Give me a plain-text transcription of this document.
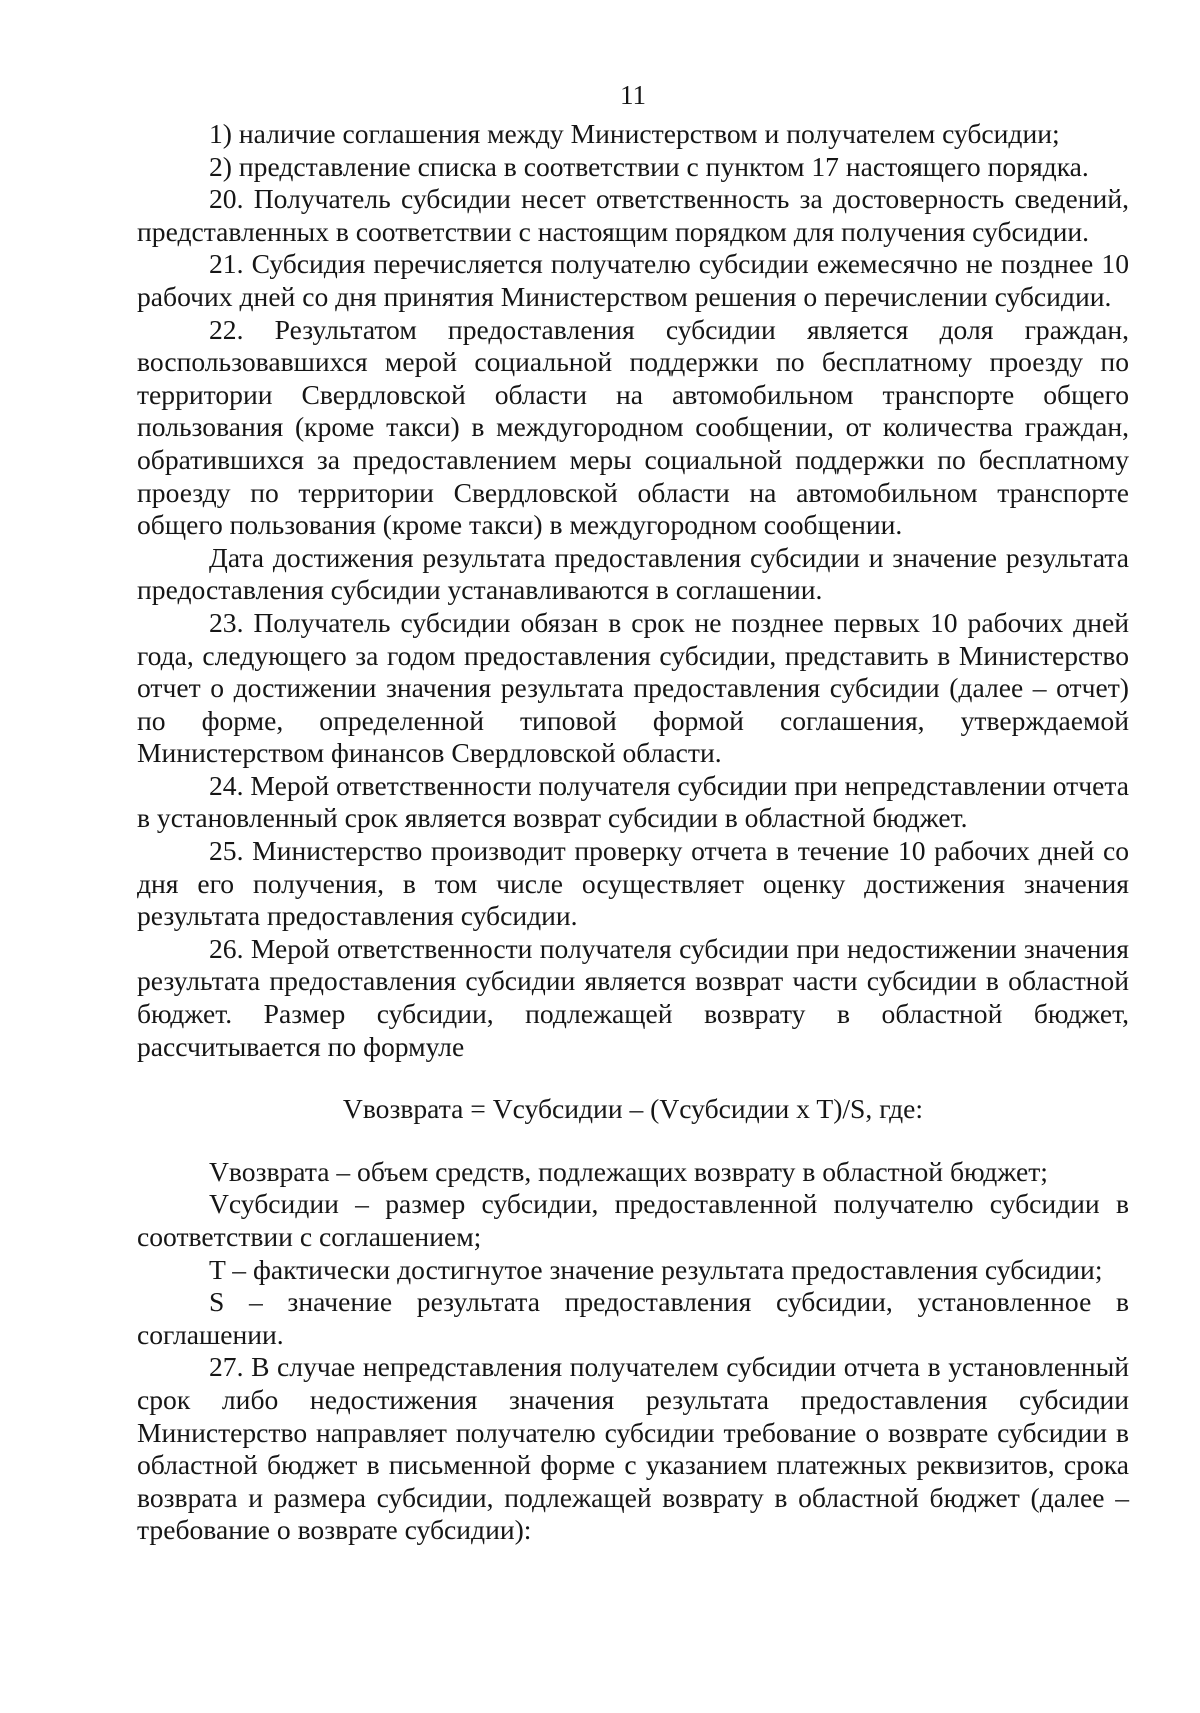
11

1) наличие соглашения между Министерством и получателем субсидии;

2) представление списка в соответствии с пунктом 17 настоящего порядка.

20. Получатель субсидии несет ответственность за достоверность сведений, представленных в соответствии с настоящим порядком для получения субсидии.

21. Субсидия перечисляется получателю субсидии ежемесячно не позднее 10 рабочих дней со дня принятия Министерством решения о перечислении субсидии.

22. Результатом предоставления субсидии является доля граждан, воспользовавшихся мерой социальной поддержки по бесплатному проезду по территории Свердловской области на автомобильном транспорте общего пользования (кроме такси) в междугородном сообщении, от количества граждан, обратившихся за предоставлением меры социальной поддержки по бесплатному проезду по территории Свердловской области на автомобильном транспорте общего пользования (кроме такси) в междугородном сообщении.

Дата достижения результата предоставления субсидии и значение результата предоставления субсидии устанавливаются в соглашении.

23. Получатель субсидии обязан в срок не позднее первых 10 рабочих дней года, следующего за годом предоставления субсидии, представить в Министерство отчет о достижении значения результата предоставления субсидии (далее – отчет) по форме, определенной типовой формой соглашения, утверждаемой Министерством финансов Свердловской области.

24. Мерой ответственности получателя субсидии при непредставлении отчета в установленный срок является возврат субсидии в областной бюджет.

25. Министерство производит проверку отчета в течение 10 рабочих дней со дня его получения, в том числе осуществляет оценку достижения значения результата предоставления субсидии.

26. Мерой ответственности получателя субсидии при недостижении значения результата предоставления субсидии является возврат части субсидии в областной бюджет. Размер субсидии, подлежащей возврату в областной бюджет, рассчитывается по формуле

Vвозврата = Vсубсидии – (Vсубсидии x T)/S, где:

Vвозврата – объем средств, подлежащих возврату в областной бюджет;

Vсубсидии – размер субсидии, предоставленной получателю субсидии в соответствии с соглашением;

T – фактически достигнутое значение результата предоставления субсидии;

S – значение результата предоставления субсидии, установленное в соглашении.

27. В случае непредставления получателем субсидии отчета в установленный срок либо недостижения значения результата предоставления субсидии Министерство направляет получателю субсидии требование о возврате субсидии в областной бюджет в письменной форме с указанием платежных реквизитов, срока возврата и размера субсидии, подлежащей возврату в областной бюджет (далее – требование о возврате субсидии):
